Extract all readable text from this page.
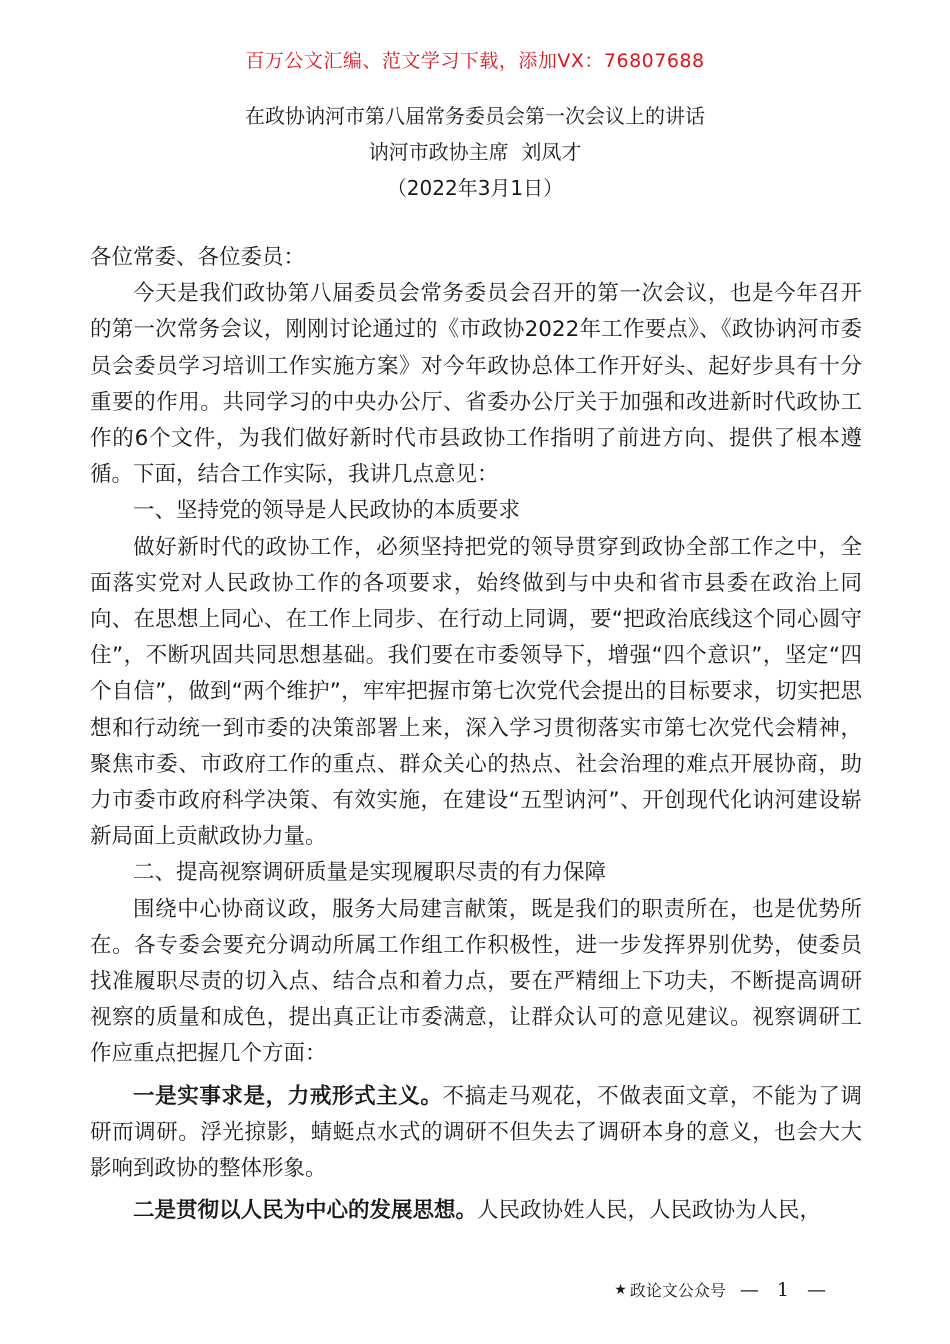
百万公文汇编、范文学习下载，添加VX：76807688
在政协讷河市第八届常务委员会第一次会议上的讲话
讷河市政协主席  刘凤才
（2022年3月1日）

各位常委、各位委员：

今天是我们政协第八届委员会常务委员会召开的第一次会议，也是今年召开的第一次常务会议，刚刚讨论通过的《市政协2022年工作要点》、《政协讷河市委员会委员学习培训工作实施方案》对今年政协总体工作开好头、起好步具有十分重要的作用。共同学习的中央办公厅、省委办公厅关于加强和改进新时代政协工作的6个文件，为我们做好新时代市县政协工作指明了前进方向、提供了根本遵循。下面，结合工作实际，我讲几点意见：

一、坚持党的领导是人民政协的本质要求

做好新时代的政协工作，必须坚持把党的领导贯穿到政协全部工作之中，全面落实党对人民政协工作的各项要求，始终做到与中央和省市县委在政治上同向、在思想上同心、在工作上同步、在行动上同调，要“把政治底线这个同心圆守住”，不断巩固共同思想基础。我们要在市委领导下，增强“四个意识”，坚定“四个自信”，做到“两个维护”，牢牢把握市第七次党代会提出的目标要求，切实把思想和行动统一到市委的决策部署上来，深入学习贯彻落实市第七次党代会精神，聚焦市委、市政府工作的重点、群众关心的热点、社会治理的难点开展协商，助力市委市政府科学决策、有效实施，在建设“五型讷河”、开创现代化讷河建设崭新局面上贡献政协力量。

二、提高视察调研质量是实现履职尽责的有力保障

围绕中心协商议政，服务大局建言献策，既是我们的职责所在，也是优势所在。各专委会要充分调动所属工作组工作积极性，进一步发挥界别优势，使委员找准履职尽责的切入点、结合点和着力点，要在严精细上下功夫，不断提高调研视察的质量和成色，提出真正让市委满意，让群众认可的意见建议。视察调研工作应重点把握几个方面：

一是实事求是，力戒形式主义。不搞走马观花，不做表面文章，不能为了调研而调研。浮光掠影，蜻蜓点水式的调研不但失去了调研本身的意义，也会大大影响到政协的整体形象。

二是贯彻以人民为中心的发展思想。人民政协姓人民，人民政协为人民，

★ 政论文公众号 — 1 —
